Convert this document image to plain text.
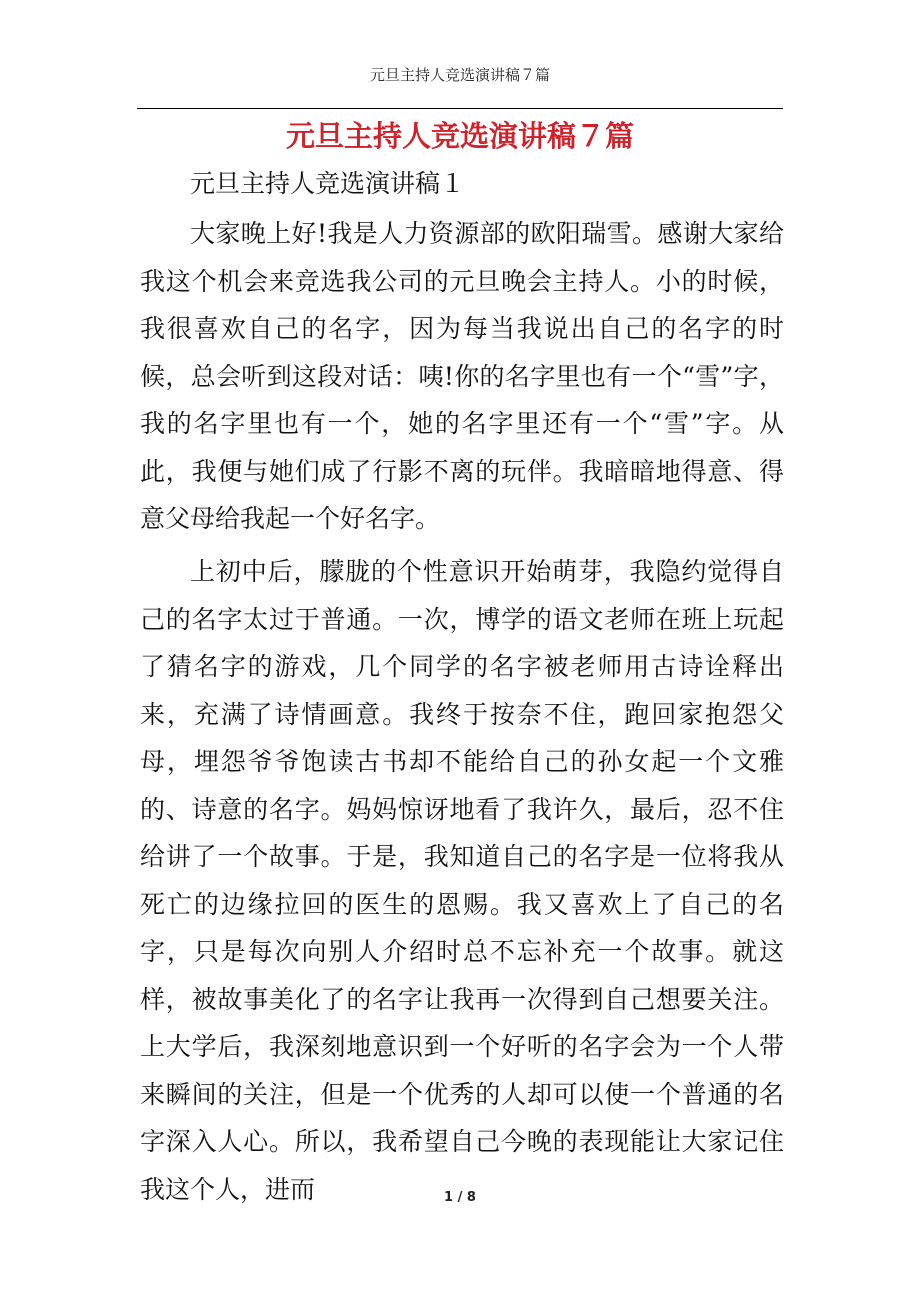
元旦主持人竞选演讲稿７篇
元旦主持人竞选演讲稿７篇
元旦主持人竞选演讲稿１

大家晚上好!我是人力资源部的欧阳瑞雪。感谢大家给我这个机会来竞选我公司的元旦晚会主持人。小的时候，我很喜欢自己的名字，因为每当我说出自己的名字的时候，总会听到这段对话：咦!你的名字里也有一个“雪”字，我的名字里也有一个，她的名字里还有一个“雪”字。从此，我便与她们成了行影不离的玩伴。我暗暗地得意、得意父母给我起一个好名字。

上初中后，朦胧的个性意识开始萌芽，我隐约觉得自己的名字太过于普通。一次，博学的语文老师在班上玩起了猜名字的游戏，几个同学的名字被老师用古诗诠释出来，充满了诗情画意。我终于按奈不住，跑回家抱怨父母，埋怨爷爷饱读古书却不能给自己的孙女起一个文雅的、诗意的名字。妈妈惊讶地看了我许久，最后，忍不住给讲了一个故事。于是，我知道自己的名字是一位将我从死亡的边缘拉回的医生的恩赐。我又喜欢上了自己的名字，只是每次向别人介绍时总不忘补充一个故事。就这样，被故事美化了的名字让我再一次得到自己想要关注。上大学后，我深刻地意识到一个好听的名字会为一个人带来瞬间的关注，但是一个优秀的人却可以使一个普通的名字深入人心。所以，我希望自己今晚的表现能让大家记住我这个人，进而	1 / 8
